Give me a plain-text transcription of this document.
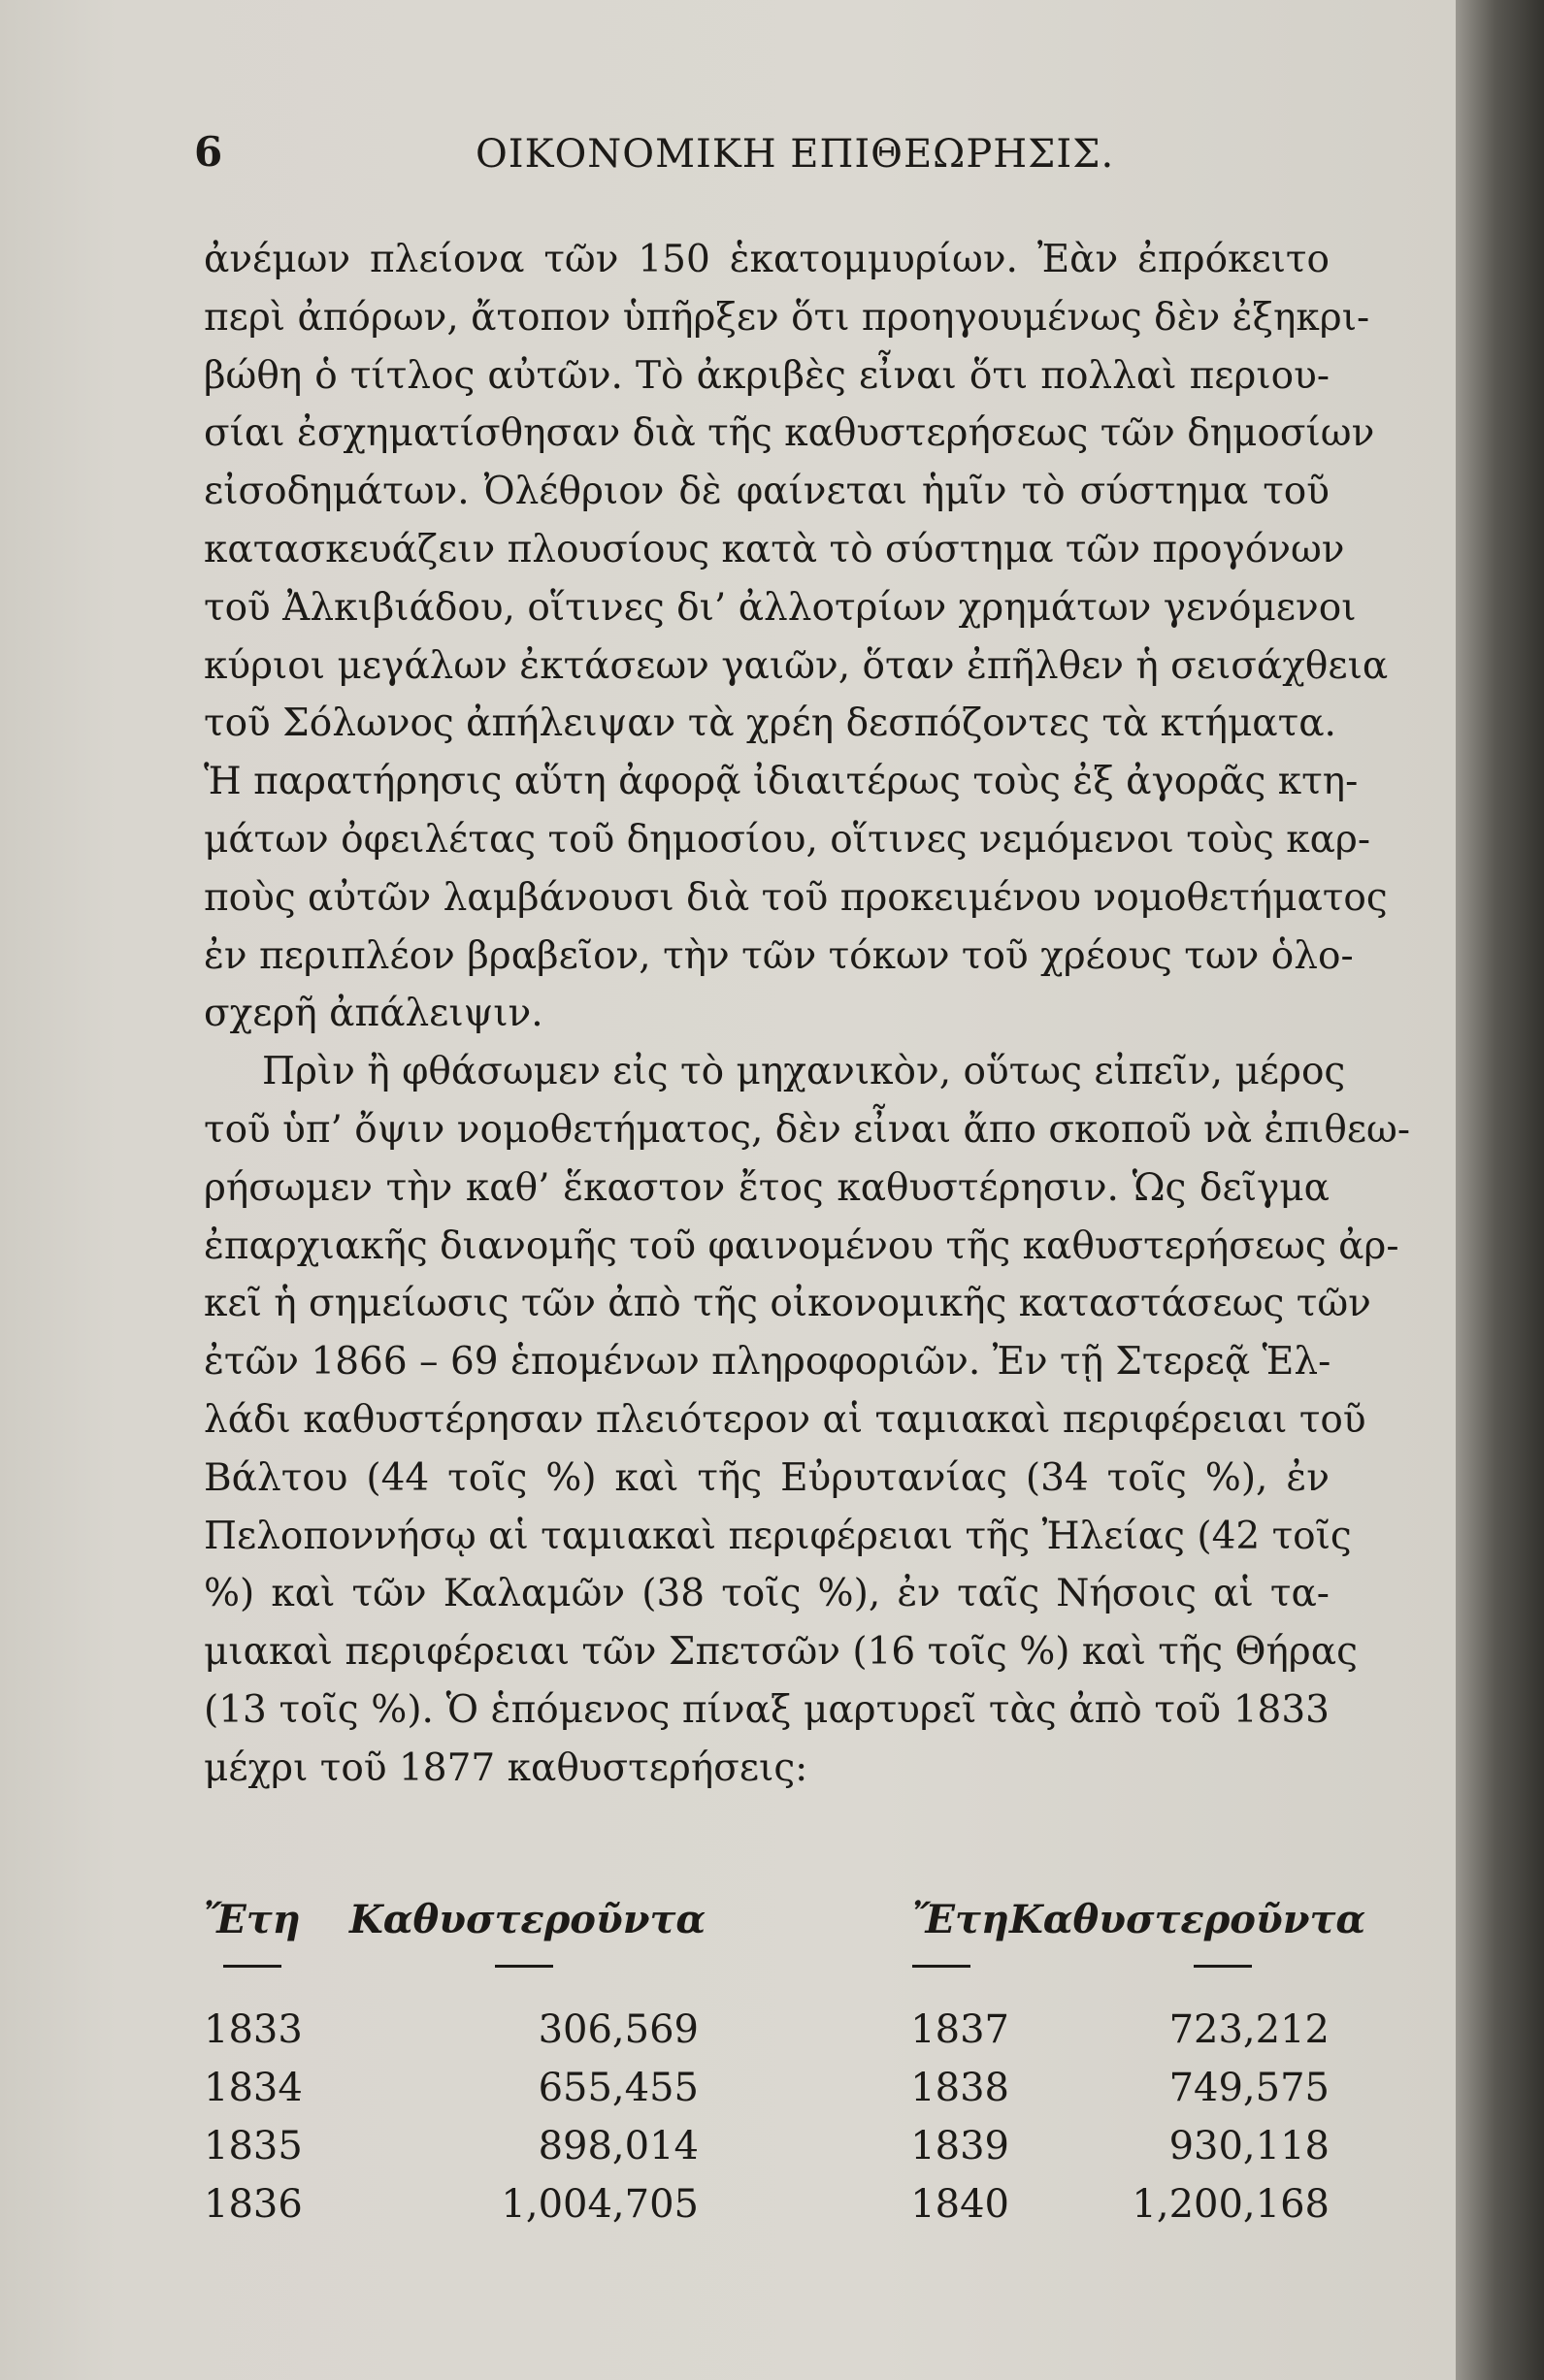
6	ΟΙΚΟΝΟΜΙΚΗ ΕΠΙΘΕΩΡΗΣΙΣ.
ἀνέμων πλείονα τῶν 150 ἑκατομμυρίων. Ἐὰν ἐπρόκειτο
περὶ ἀπόρων, ἄτοπον ὑπῆρξεν ὅτι προηγουμένως δὲν ἐξηκρι-
βώθη ὁ τίτλος αὐτῶν. Τὸ ἀκριβὲς εἶναι ὅτι πολλαὶ περιου-
σίαι ἐσχηματίσθησαν διὰ τῆς καθυστερήσεως τῶν δημοσίων
εἰσοδημάτων. Ὀλέθριον δὲ φαίνεται ἡμῖν τὸ σύστημα τοῦ
κατασκευάζειν πλουσίους κατὰ τὸ σύστημα τῶν προγόνων
τοῦ Ἀλκιβιάδου, οἵτινες δι’ ἀλλοτρίων χρημάτων γενόμενοι
κύριοι μεγάλων ἐκτάσεων γαιῶν, ὅταν ἐπῆλθεν ἡ σεισάχθεια
τοῦ Σόλωνος ἀπήλειψαν τὰ χρέη δεσπόζοντες τὰ κτήματα.
Ἡ παρατήρησις αὕτη ἀφορᾷ ἰδιαιτέρως τοὺς ἐξ ἀγορᾶς κτη-
μάτων ὀφειλέτας τοῦ δημοσίου, οἵτινες νεμόμενοι τοὺς καρ-
ποὺς αὐτῶν λαμβάνουσι διὰ τοῦ προκειμένου νομοθετήματος
ἐν περιπλέον βραβεῖον, τὴν τῶν τόκων τοῦ χρέους των ὁλο-
σχερῆ ἀπάλειψιν.
Πρὶν ἢ φθάσωμεν εἰς τὸ μηχανικὸν, οὕτως εἰπεῖν, μέρος
τοῦ ὑπ’ ὄψιν νομοθετήματος, δὲν εἶναι ἄπο σκοποῦ νὰ ἐπιθεω-
ρήσωμεν τὴν καθ’ ἕκαστον ἔτος καθυστέρησιν. Ὡς δεῖγμα
ἐπαρχιακῆς διανομῆς τοῦ φαινομένου τῆς καθυστερήσεως ἀρ-
κεῖ ἡ σημείωσις τῶν ἀπὸ τῆς οἰκονομικῆς καταστάσεως τῶν
ἐτῶν 1866 – 69 ἑπομένων πληροφοριῶν. Ἐν τῇ Στερεᾷ Ἑλ-
λάδι καθυστέρησαν πλειότερον αἱ ταμιακαὶ περιφέρειαι τοῦ
Βάλτου (44 τοῖς %) καὶ τῆς Εὐρυτανίας (34 τοῖς %), ἐν
Πελοποννήσῳ αἱ ταμιακαὶ περιφέρειαι τῆς Ἠλείας (42 τοῖς
%) καὶ τῶν Καλαμῶν (38 τοῖς %), ἐν ταῖς Νήσοις αἱ τα-
μιακαὶ περιφέρειαι τῶν Σπετσῶν (16 τοῖς %) καὶ τῆς Θήρας
(13 τοῖς %). Ὁ ἑπόμενος πίναξ μαρτυρεῖ τὰς ἀπὸ τοῦ 1833
μέχρι τοῦ 1877 καθυστερήσεις:
Ἔτη	Καθυστεροῦντα	Ἔτη Καθυστεροῦντα
1833	306,569	1837	723,212
1834	655,455	1838	749,575
1835	898,014	1839	930,118
1836	1,004,705	1840	1,200,168
